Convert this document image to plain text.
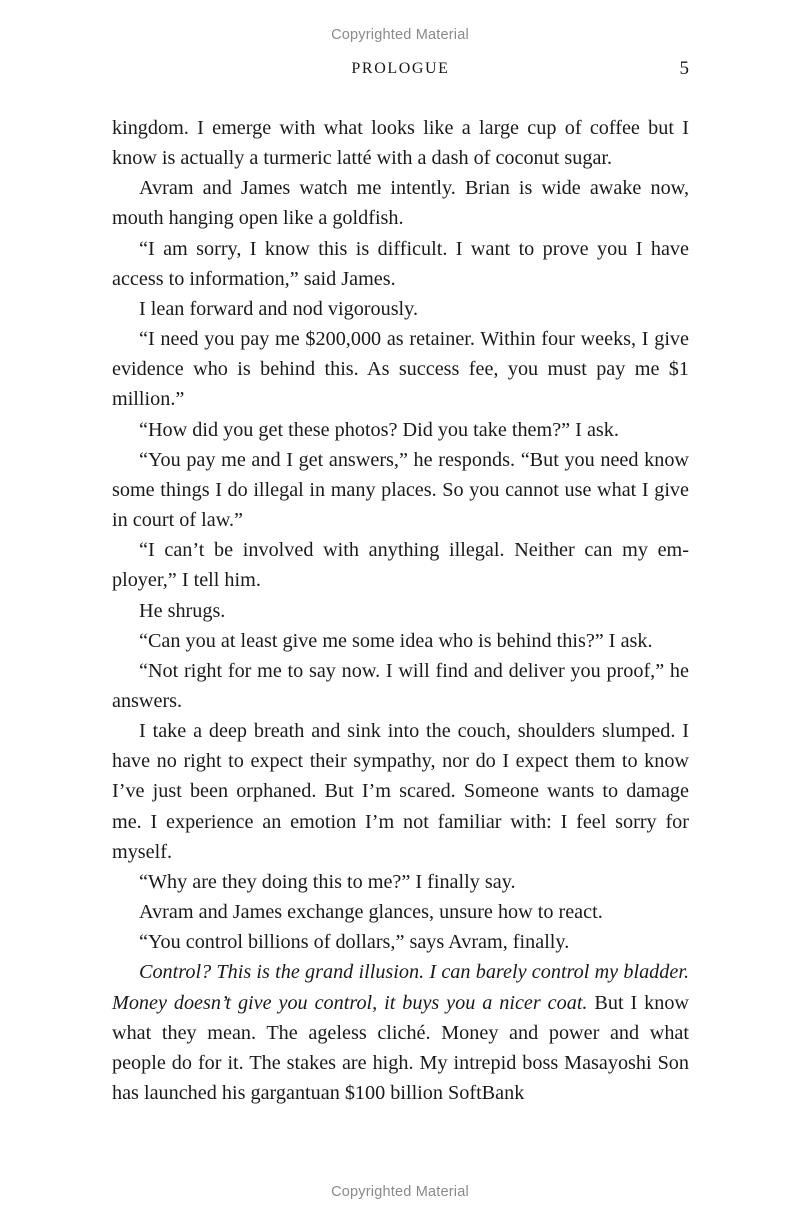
Copyrighted Material
PROLOGUE	5

kingdom. I emerge with what looks like a large cup of coffee but I know is actually a turmeric latté with a dash of coconut sugar.

Avram and James watch me intently. Brian is wide awake now, mouth hanging open like a goldfish.

“I am sorry, I know this is difficult. I want to prove you I have access to information,” said James.

I lean forward and nod vigorously.

“I need you pay me $200,000 as retainer. Within four weeks, I give evidence who is behind this. As success fee, you must pay me $1 million.”

“How did you get these photos? Did you take them?” I ask.

“You pay me and I get answers,” he responds. “But you need know some things I do illegal in many places. So you cannot use what I give in court of law.”

“I can’t be involved with anything illegal. Neither can my employer,” I tell him.

He shrugs.

“Can you at least give me some idea who is behind this?” I ask.

“Not right for me to say now. I will find and deliver you proof,” he answers.

I take a deep breath and sink into the couch, shoulders slumped. I have no right to expect their sympathy, nor do I expect them to know I’ve just been orphaned. But I’m scared. Someone wants to damage me. I experience an emotion I’m not familiar with: I feel sorry for myself.

“Why are they doing this to me?” I finally say.

Avram and James exchange glances, unsure how to react.

“You control billions of dollars,” says Avram, finally.

Control? This is the grand illusion. I can barely control my bladder. Money doesn’t give you control, it buys you a nicer coat. But I know what they mean. The ageless cliché. Money and power and what people do for it. The stakes are high. My intrepid boss Masayoshi Son has launched his gargantuan $100 billion SoftBank

Copyrighted Material
